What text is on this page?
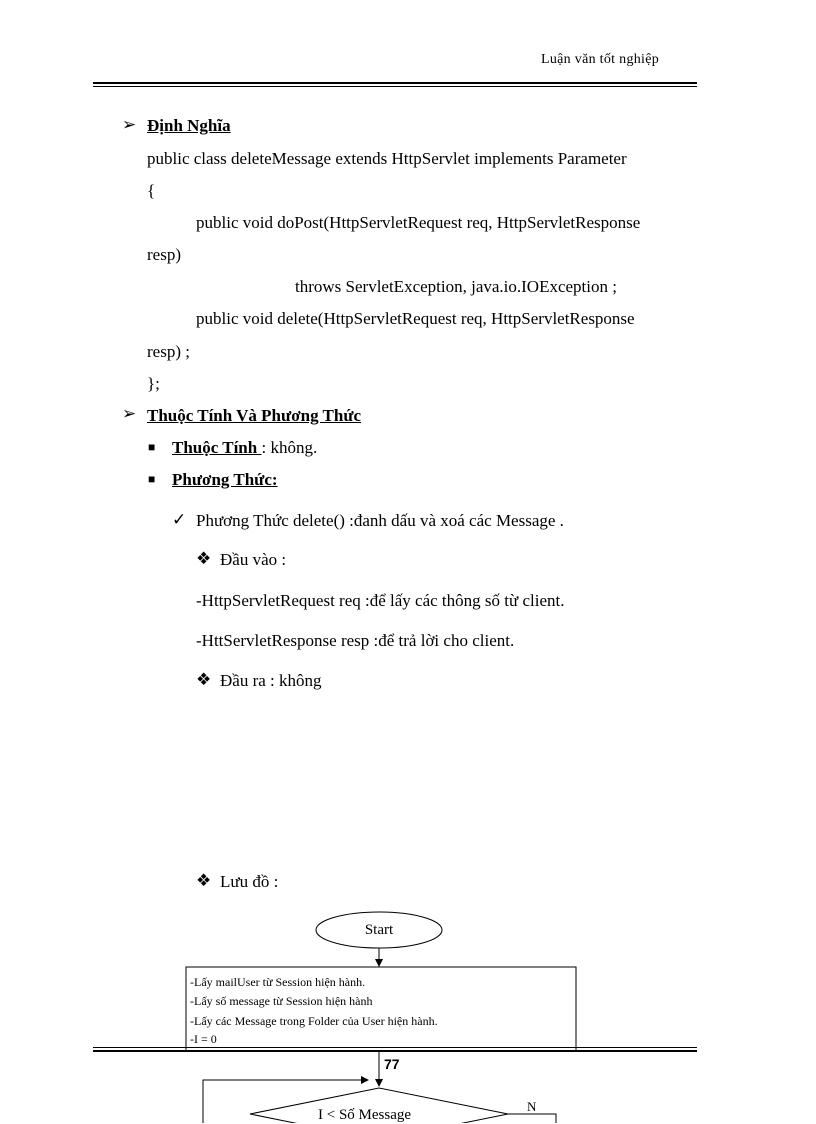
Luận văn tốt nghiệp
➢ Định Nghĩa
public class deleteMessage extends HttpServlet implements Parameter
{
public void doPost(HttpServletRequest req, HttpServletResponse
resp)
throws ServletException, java.io.IOException ;
public void delete(HttpServletRequest req, HttpServletResponse
resp) ;
};
➢ Thuộc Tính Và Phương Thức
■ Thuộc Tính : không.
■ Phương Thức:
✓ Phương Thức delete() :đanh dấu và xoá các Message .
❖ Đầu vào :
-HttpServletRequest req :để lấy các thông số từ client.
-HttServletResponse resp :để trả lời cho client.
❖ Đầu ra : không
❖ Lưu đồ :
Start
-Lấy mailUser từ Session hiện hành.
-Lấy số message từ Session hiện hành
-Lấy các Message trong Folder của User hiện hành.
-I = 0
I < Số Message
N
77
